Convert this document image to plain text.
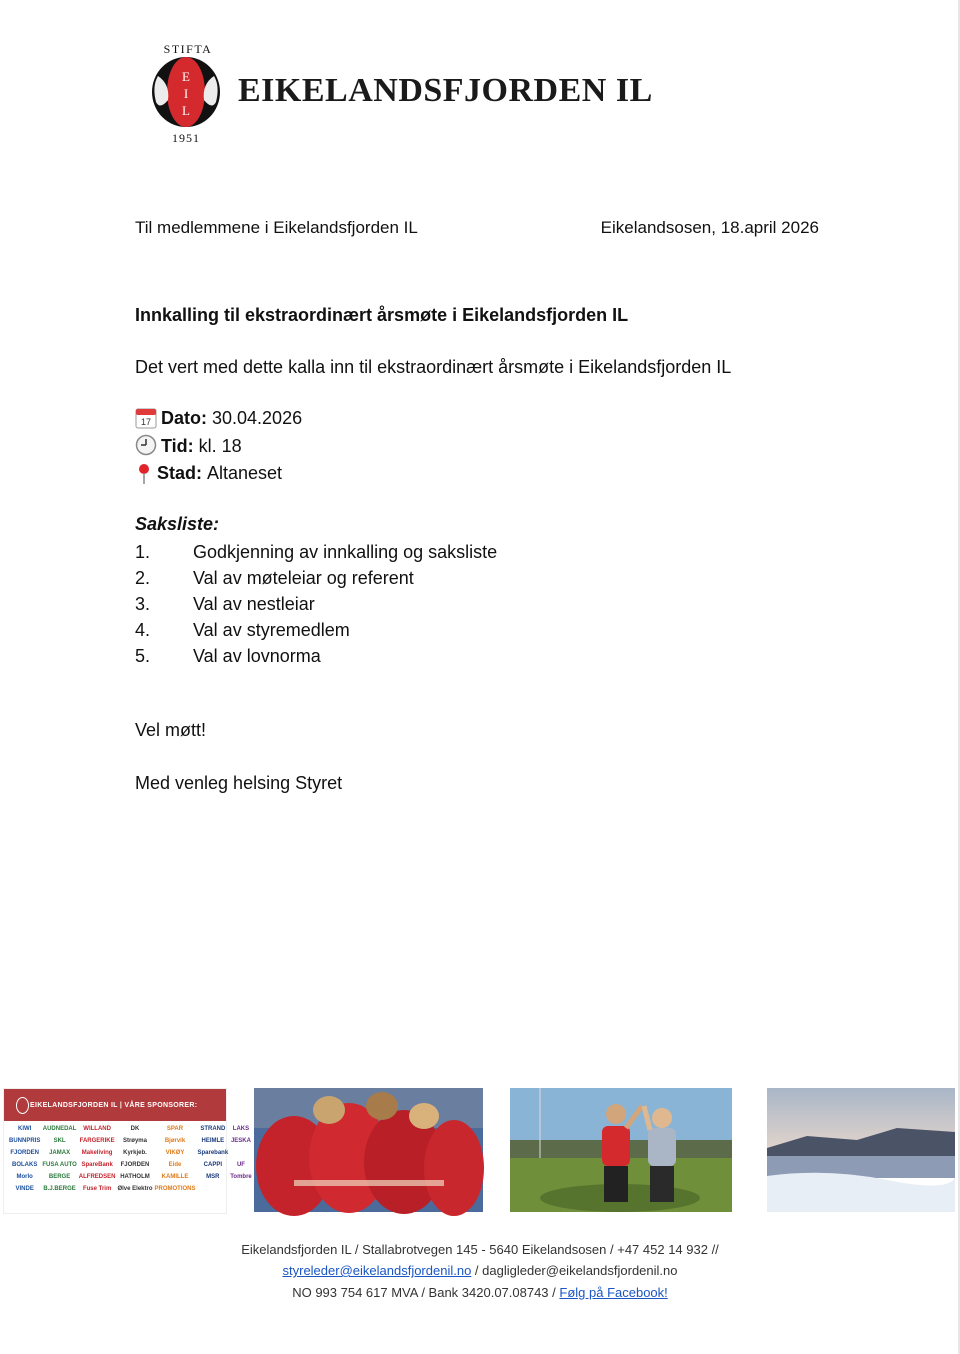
STIFTA
E
I
L
1951
EIKELANDSFJORDEN IL
Til medlemmene i Eikelandsfjorden IL	Eikelandsosen, 18.april 2026
Innkalling til ekstraordinært årsmøte i Eikelandsfjorden IL
Det vert med dette kalla inn til ekstraordinært årsmøte i Eikelandsfjorden IL
17 Dato: 30.04.2026
Tid: kl. 18
Stad: Altaneset
Saksliste:
1.	Godkjenning av innkalling og saksliste
2.	Val av møteleiar og referent
3.	Val av nestleiar
4.	Val av styremedlem
5.	Val av lovnorma
Vel møtt!
Med venleg helsing Styret
EIKELANDSFJORDEN IL | VÅRE SPONSORER:
KIWI	AUDNEDAL	WILLAND	DK	SPAR	STRAND	LAKS
BUNNPRIS	SKL	FARGERIKE	Strøyma	Bjørvik	HEIMLE	JESKA
FJORDEN	JAMAX	Makeliving	Kyrkjeb.	VIKØY	Sparebank
BOLAKS FUSA AUTO SpareBank	FJORDEN	Eide	CAPPI	UF
Morlo	BERGE	ALFREDSEN HATHOLM	KAMILLE	MSR	Tombre
VINDE	B.J.BERGE	Fuse Trim	Ølve Elektro PROMOTIONS
Eikelandsfjorden IL / Stallabrotvegen 145 - 5640 Eikelandsosen / +47 452 14 932 //
styreleder@eikelandsfjordenil.no / dagligleder@eikelandsfjordenil.no
NO 993 754 617 MVA / Bank 3420.07.08743 / Følg på Facebook!
